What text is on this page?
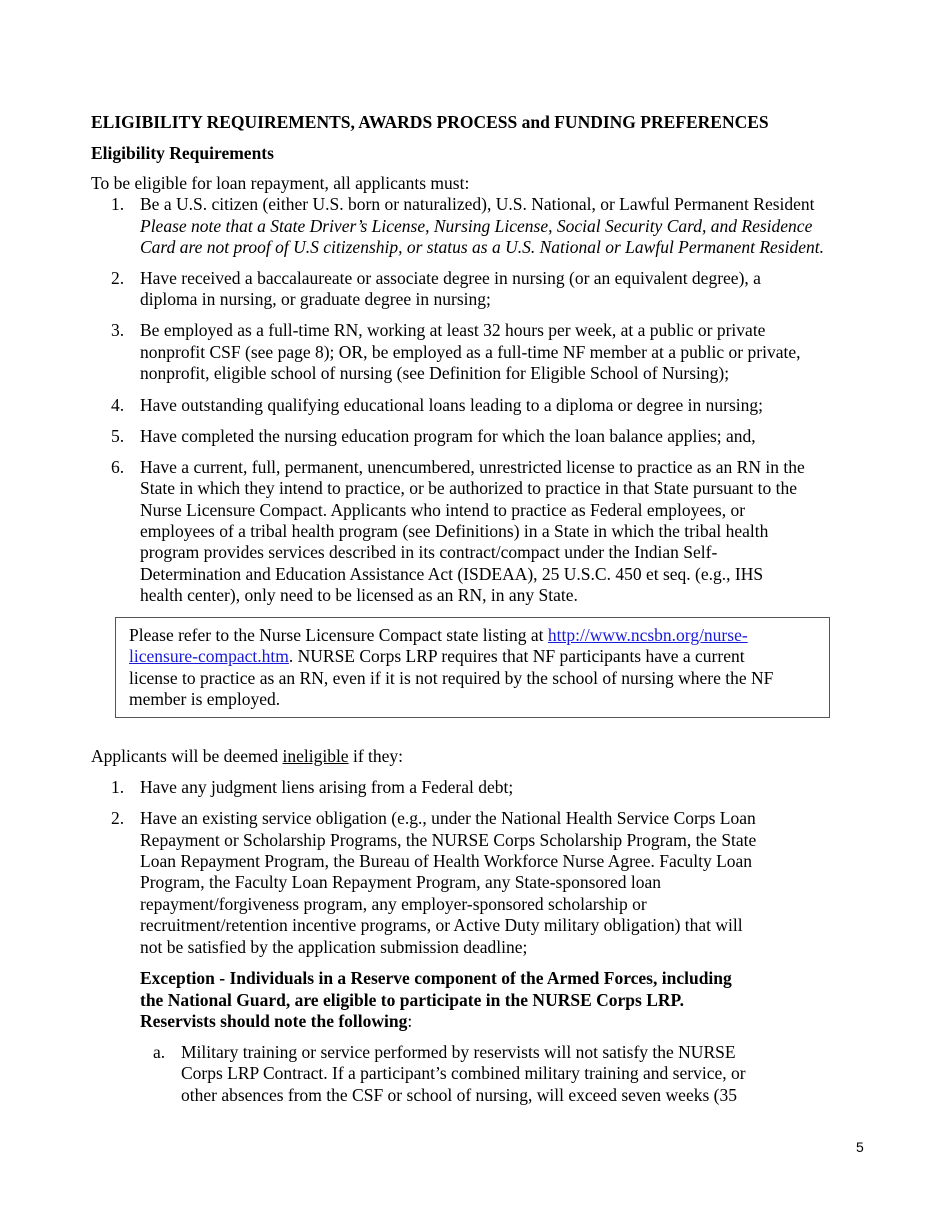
ELIGIBILITY REQUIREMENTS, AWARDS PROCESS and FUNDING PREFERENCES
Eligibility Requirements
To be eligible for loan repayment, all applicants must:
1. Be a U.S. citizen (either U.S. born or naturalized), U.S. National, or Lawful Permanent Resident
Please note that a State Driver’s License, Nursing License, Social Security Card, and Residence
Card are not proof of U.S citizenship, or status as a U.S. National or Lawful Permanent Resident.
2. Have received a baccalaureate or associate degree in nursing (or an equivalent degree), a
diploma in nursing, or graduate degree in nursing;
3. Be employed as a full-time RN, working at least 32 hours per week, at a public or private
nonprofit CSF (see page 8); OR, be employed as a full-time NF member at a public or private,
nonprofit, eligible school of nursing (see Definition for Eligible School of Nursing);
4. Have outstanding qualifying educational loans leading to a diploma or degree in nursing;
5. Have completed the nursing education program for which the loan balance applies; and,
6. Have a current, full, permanent, unencumbered, unrestricted license to practice as an RN in the
State in which they intend to practice, or be authorized to practice in that State pursuant to the
Nurse Licensure Compact. Applicants who intend to practice as Federal employees, or
employees of a tribal health program (see Definitions) in a State in which the tribal health
program provides services described in its contract/compact under the Indian Self-
Determination and Education Assistance Act (ISDEAA), 25 U.S.C. 450 et seq. (e.g., IHS
health center), only need to be licensed as an RN, in any State.
Please refer to the Nurse Licensure Compact state listing at http://www.ncsbn.org/nurse-
licensure-compact.htm. NURSE Corps LRP requires that NF participants have a current
license to practice as an RN, even if it is not required by the school of nursing where the NF
member is employed.
Applicants will be deemed ineligible if they:
1. Have any judgment liens arising from a Federal debt;
2. Have an existing service obligation (e.g., under the National Health Service Corps Loan
Repayment or Scholarship Programs, the NURSE Corps Scholarship Program, the State
Loan Repayment Program, the Bureau of Health Workforce Nurse Agree. Faculty Loan
Program, the Faculty Loan Repayment Program, any State-sponsored loan
repayment/forgiveness program, any employer-sponsored scholarship or
recruitment/retention incentive programs, or Active Duty military obligation) that will
not be satisfied by the application submission deadline;
Exception - Individuals in a Reserve component of the Armed Forces, including
the National Guard, are eligible to participate in the NURSE Corps LRP.
Reservists should note the following:
a. Military training or service performed by reservists will not satisfy the NURSE
Corps LRP Contract. If a participant’s combined military training and service, or
other absences from the CSF or school of nursing, will exceed seven weeks (35
5
